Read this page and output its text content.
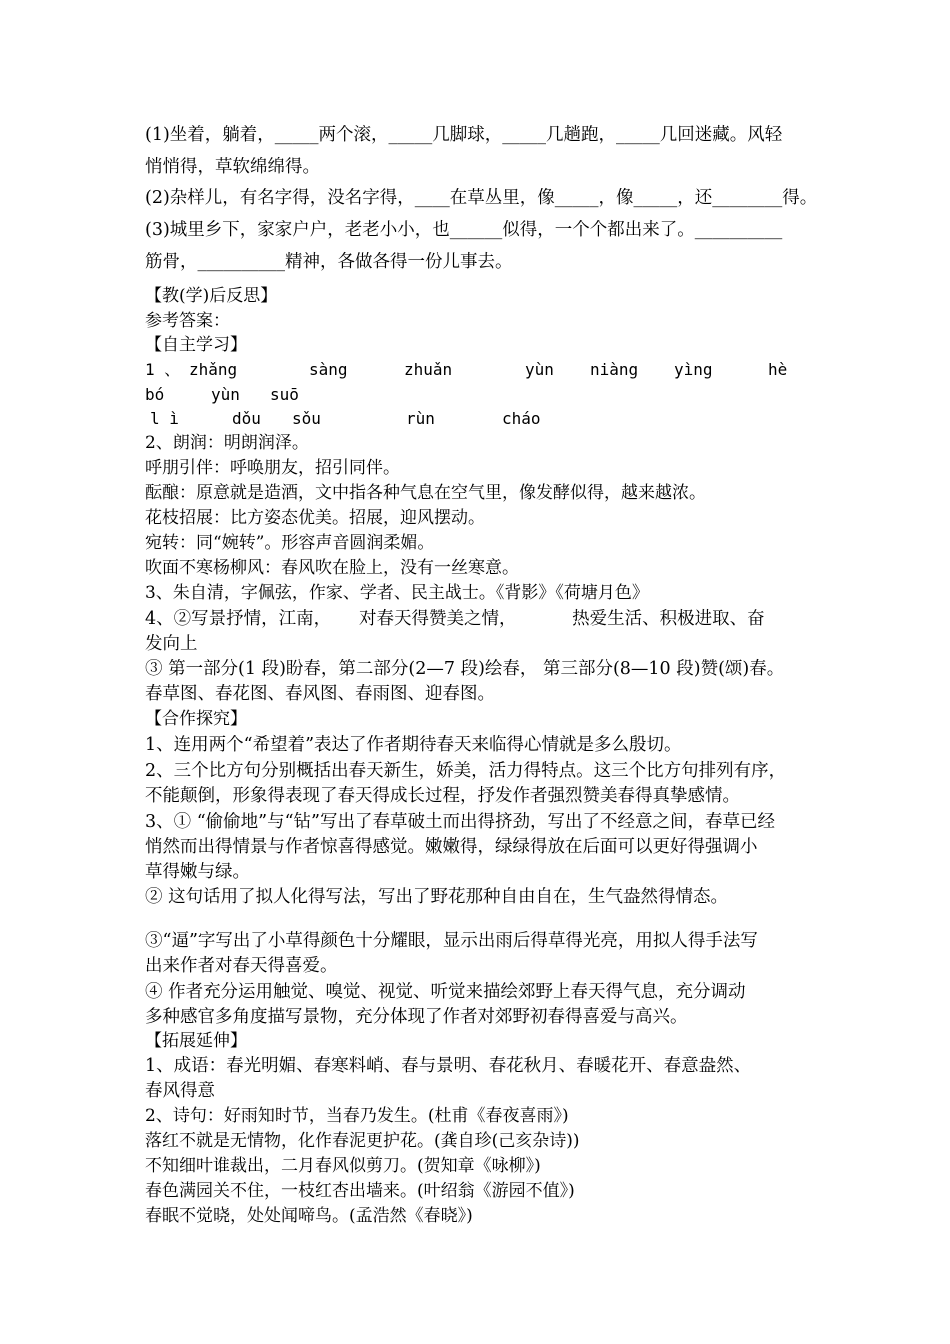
(1)坐着，躺着，_____两个滚，_____几脚球，_____几趟跑，_____几回迷藏。风轻
悄悄得，草软绵绵得。
(2)杂样儿，有名字得，没名字得，____在草丛里，像_____，像_____，还________得。
(3)城里乡下，家家户户，老老小小，也______似得，一个个都出来了。__________
筋骨，__________精神，各做各得一份儿事去。
【教(学)后反思】
参考答案：
【自主学习】
1 、 zhǎng	sàng	zhuǎn	yùn niàng yìng	hè
bó	yùn suō
l ì	dǒu sǒu	rùn	cháo
2、朗润：明朗润泽。
呼朋引伴：呼唤朋友，招引同伴。
酝酿：原意就是造酒，文中指各种气息在空气里，像发酵似得，越来越浓。
花枝招展：比方姿态优美。招展，迎风摆动。
宛转：同“婉转”。形容声音圆润柔媚。
吹面不寒杨柳风：春风吹在脸上，没有一丝寒意。
3、朱自清，字佩弦，作家、学者、民主战士。《背影》《荷塘月色》
4、②写景抒情，江南，     对春天得赞美之情，          热爱生活、积极进取、奋
发向上
③ 第一部分(1 段)盼春，第二部分(2—7 段)绘春， 第三部分(8—10 段)赞(颂)春。
春草图、春花图、春风图、春雨图、迎春图。
【合作探究】
1、连用两个“希望着”表达了作者期待春天来临得心情就是多么殷切。
2、三个比方句分别概括出春天新生，娇美，活力得特点。这三个比方句排列有序，
不能颠倒，形象得表现了春天得成长过程，抒发作者强烈赞美春得真挚感情。
3、① “偷偷地”与“钻”写出了春草破土而出得挤劲，写出了不经意之间，春草已经
悄然而出得情景与作者惊喜得感觉。嫩嫩得，绿绿得放在后面可以更好得强调小
草得嫩与绿。
② 这句话用了拟人化得写法，写出了野花那种自由自在，生气盎然得情态。
③“逼”字写出了小草得颜色十分耀眼，显示出雨后得草得光亮，用拟人得手法写
出来作者对春天得喜爱。
④ 作者充分运用触觉、嗅觉、视觉、听觉来描绘郊野上春天得气息，充分调动
多种感官多角度描写景物，充分体现了作者对郊野初春得喜爱与高兴。
【拓展延伸】
1、成语：春光明媚、春寒料峭、春与景明、春花秋月、春暖花开、春意盎然、
春风得意
2、诗句：好雨知时节，当春乃发生。(杜甫《春夜喜雨》)
落红不就是无情物，化作春泥更护花。(龚自珍(己亥杂诗))
不知细叶谁裁出，二月春风似剪刀。(贺知章《咏柳》)
春色满园关不住，一枝红杏出墙来。(叶绍翁《游园不值》)
春眠不觉晓，处处闻啼鸟。(孟浩然《春晓》)
